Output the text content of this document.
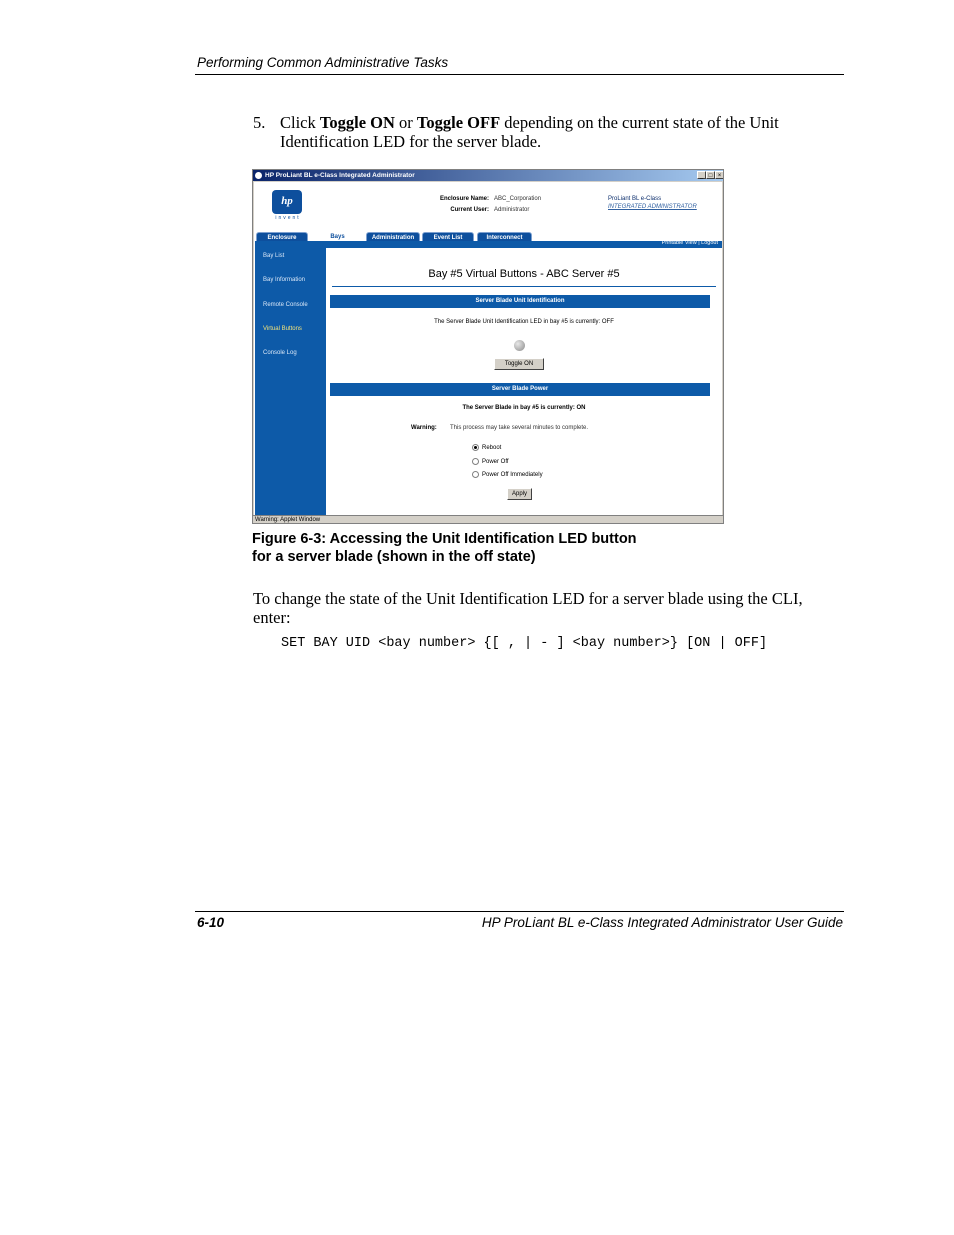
Performing Common Administrative Tasks
5. Click Toggle ON or Toggle OFF depending on the current state of the Unit Identification LED for the server blade.
HP ProLiant BL e-Class Integrated Administrator	_ □ ×
hp
invent
Enclosure Name: ABC_Corporation
Current User: Administrator
ProLiant BL e-Class
INTEGRATED ADMINISTRATOR
Enclosure	Bays	Administration	Event List	Interconnect
Printable View | Logout
Bay List
Bay Information
Remote Console
Virtual Buttons
Console Log
Bay #5 Virtual Buttons - ABC Server #5
Server Blade Unit Identification
The Server Blade Unit Identification LED in bay #5 is currently: OFF
Toggle ON
Server Blade Power
The Server Blade in bay #5 is currently: ON
Warning: This process may take several minutes to complete.
Reboot
Power Off
Power Off Immediately
Apply
Warning: Applet Window
Figure 6-3: Accessing the Unit Identification LED button
for a server blade (shown in the off state)
To change the state of the Unit Identification LED for a server blade using the CLI, enter:
SET BAY UID <bay number> {[ , | - ] <bay number>} [ON | OFF]
6-10	HP ProLiant BL e-Class Integrated Administrator User Guide
